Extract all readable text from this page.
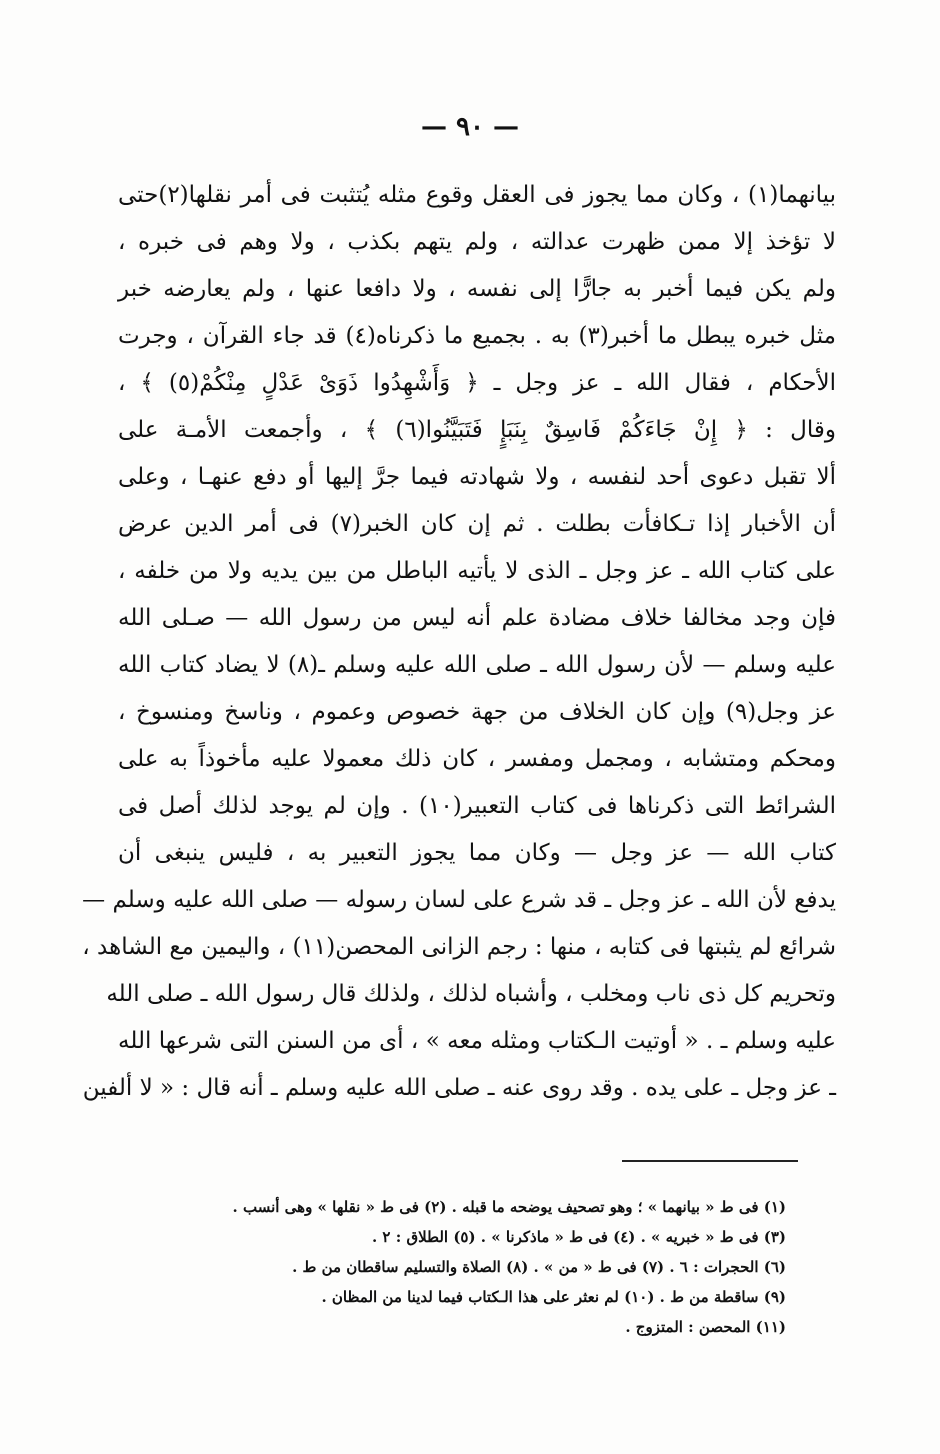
— ٩٠ —
بيانهما(١) ، وكان مما يجوز فى العقل وقوع مثله يُتثبت فى أمر نقلها(٢)حتى
لا تؤخذ إلا ممن ظهرت عدالته ، ولم يتهم بكذب ، ولا وهم فى خبره ،
ولم يكن فيما أخبر به جارًّا إلى نفسه ، ولا دافعا عنها ، ولم يعارضه خبر
مثل خبره يبطل ما أخبر(٣) به . بجميع ما ذكرناه(٤) قد جاء القرآن ، وجرت
الأحكام ، فقال الله ـ عز وجل ـ ﴿ وَأَشْهِدُوا ذَوَىْ عَدْلٍ مِنْكُمْ(٥) ﴾ ،
وقال : ﴿ إِنْ جَاءَكُمْ فَاسِقٌ بِنَبَإٍ فَتَبَيَّنُوا(٦) ﴾ ، وأجمعت الأمـة على
ألا تقبل دعوى أحد لنفسه ، ولا شهادته فيما جرَّ إليها أو دفع عنهـا ، وعلى
أن الأخبار إذا تـكافأت بطلت . ثم إن كان الخبر(٧) فى أمر الدين عرض
على كتاب الله ـ عز وجل ـ الذى لا يأتيه الباطل من بين يديه ولا من خلفه ،
فإن وجد مخالفا خلاف مضادة علم أنه ليس من رسول الله — صـلى الله
عليه وسلم — لأن رسول الله ـ صلى الله عليه وسلم ـ(٨) لا يضاد كتاب الله
عز وجل(٩) وإن كان الخلاف من جهة خصوص وعموم ، وناسخ ومنسوخ ،
ومحكم ومتشابه ، ومجمل ومفسر ، كان ذلك معمولا عليه مأخوذاً به على
الشرائط التى ذكرناها فى كتاب التعبير(١٠) . وإن لم يوجد لذلك أصل فى
كتاب الله — عز وجل — وكان مما يجوز التعبير به ، فليس ينبغى أن
يدفع لأن الله ـ عز وجل ـ قد شرع على لسان رسوله — صلى الله عليه وسلم —
شرائع لم يثبتها فى كتابه ، منها : رجم الزانى المحصن(١١) ، واليمين مع الشاهد ،
وتحريم كل ذى ناب ومخلب ، وأشباه لذلك ، ولذلك قال رسول الله ـ صلى الله
عليه وسلم ـ . « أوتيت الـكتاب ومثله معه » ، أى من السنن التى شرعها الله
ـ عز وجل ـ على يده . وقد روى عنه ـ صلى الله عليه وسلم ـ أنه قال : « لا ألفين
(١) فى ط « بيانهما » ؛ وهو تصحيف يوضحه ما قبله . (٢) فى ط « نقلها » وهى أنسب .
(٣) فى ط « خبريه » . (٤) فى ط « ماذكرنا » . (٥) الطلاق : ٢ .
(٦) الحجرات : ٦ . (٧) فى ط « من » . (٨) الصلاة والتسليم ساقطان من ط .
(٩) ساقطة من ط . (١٠) لم نعثر على هذا الـكتاب فيما لدينا من المظان .
(١١) المحصن : المتزوج .
